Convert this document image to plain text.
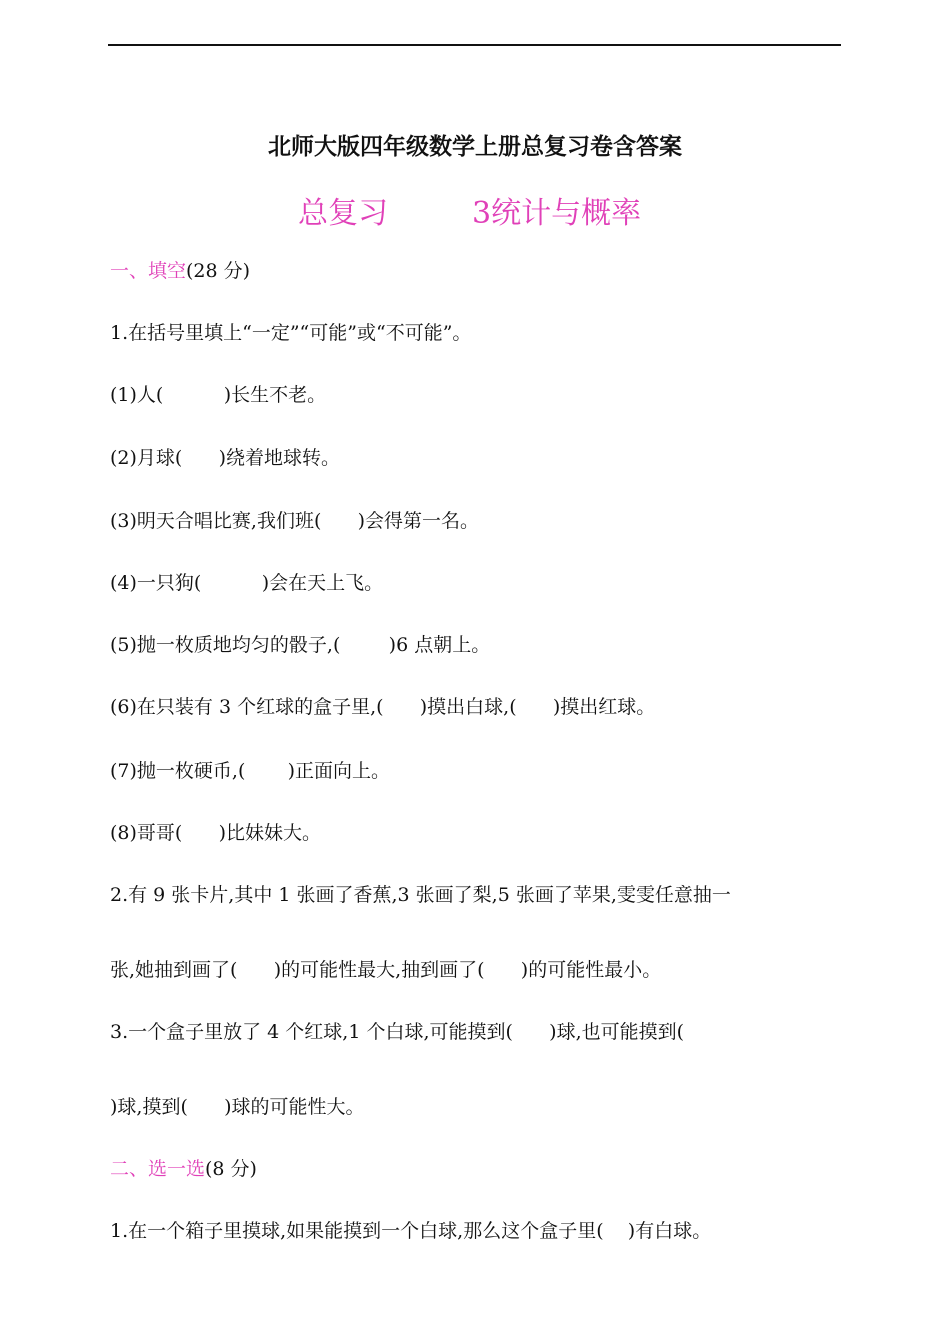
北师大版四年级数学上册总复习卷含答案
总复习	3统计与概率
一、填空(28 分)
1.在括号里填上“一定”“可能”或“不可能”。
(1)人(          )长生不老。
(2)月球(      )绕着地球转。
(3)明天合唱比赛,我们班(      )会得第一名。
(4)一只狗(          )会在天上飞。
(5)抛一枚质地均匀的骰子,(        )6 点朝上。
(6)在只装有 3 个红球的盒子里,(      )摸出白球,(      )摸出红球。
(7)抛一枚硬币,(       )正面向上。
(8)哥哥(      )比妹妹大。
2.有 9 张卡片,其中 1 张画了香蕉,3 张画了梨,5 张画了苹果,雯雯任意抽一
张,她抽到画了(      )的可能性最大,抽到画了(      )的可能性最小。
3.一个盒子里放了 4 个红球,1 个白球,可能摸到(      )球,也可能摸到(
)球,摸到(      )球的可能性大。
二、选一选(8 分)
1.在一个箱子里摸球,如果能摸到一个白球,那么这个盒子里(    )有白球。
